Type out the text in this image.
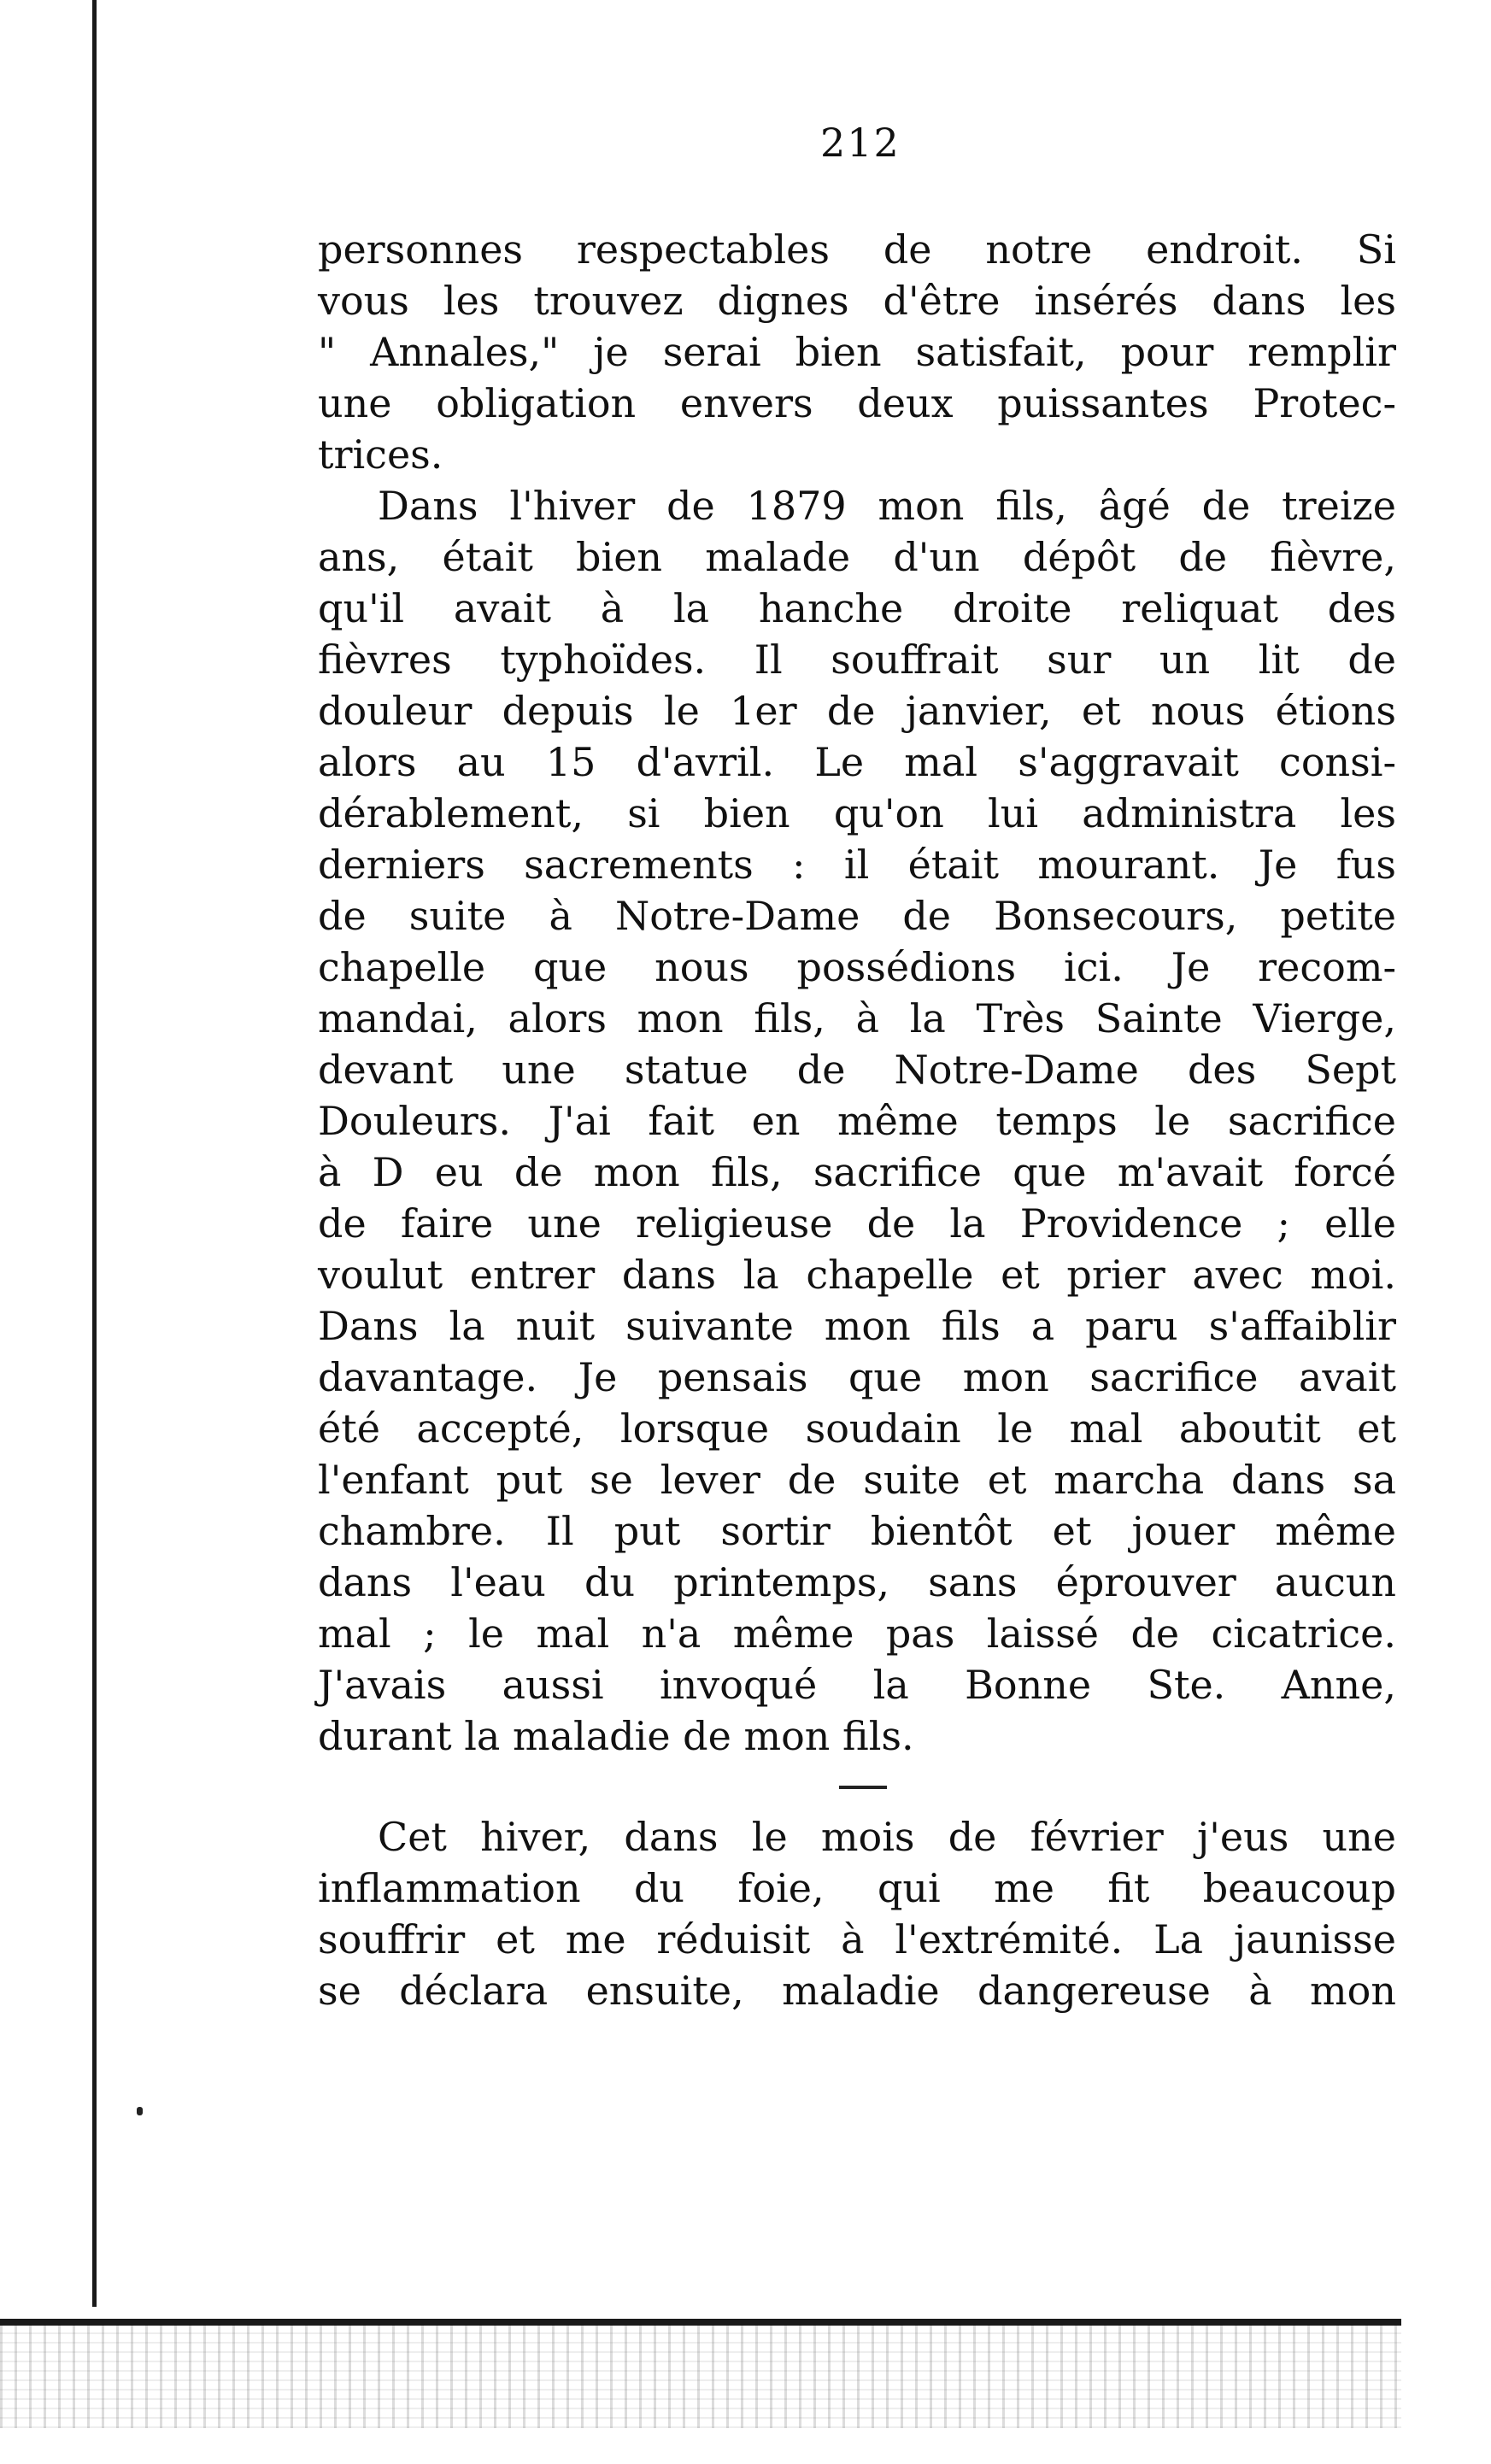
212
personnes respectables de notre endroit. Si
vous les trouvez dignes d'être insérés dans les
" Annales," je serai bien satisfait, pour remplir
une obligation envers deux puissantes Protec-
trices.
Dans l'hiver de 1879 mon fils, âgé de treize
ans, était bien malade d'un dépôt de fièvre,
qu'il avait à la hanche droite reliquat des
fièvres typhoïdes. Il souffrait sur un lit de
douleur depuis le 1er de janvier, et nous étions
alors au 15 d'avril. Le mal s'aggravait consi-
dérablement, si bien qu'on lui administra les
derniers sacrements : il était mourant. Je fus
de suite à Notre-Dame de Bonsecours, petite
chapelle que nous possédions ici. Je recom-
mandai, alors mon fils, à la Très Sainte Vierge,
devant une statue de Notre-Dame des Sept
Douleurs. J'ai fait en même temps le sacrifice
à D eu de mon fils, sacrifice que m'avait forcé
de faire une religieuse de la Providence ; elle
voulut entrer dans la chapelle et prier avec moi.
Dans la nuit suivante mon fils a paru s'affaiblir
davantage. Je pensais que mon sacrifice avait
été accepté, lorsque soudain le mal aboutit et
l'enfant put se lever de suite et marcha dans sa
chambre. Il put sortir bientôt et jouer même
dans l'eau du printemps, sans éprouver aucun
mal ; le mal n'a même pas laissé de cicatrice.
J'avais aussi invoqué la Bonne Ste. Anne,
durant la maladie de mon fils.
Cet hiver, dans le mois de février j'eus une
inflammation du foie, qui me fit beaucoup
souffrir et me réduisit à l'extrémité. La jaunisse
se déclara ensuite, maladie dangereuse à mon
